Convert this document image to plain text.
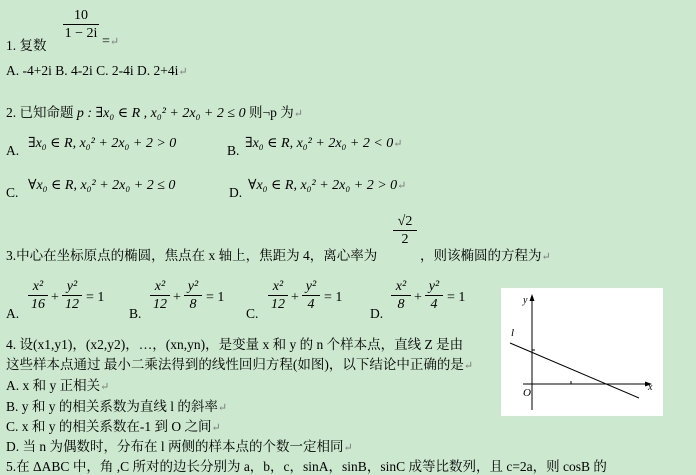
1. 复数
10
1 − 2i
=↵
A. -4+2i B. 4-2i C. 2-4i D. 2+4i↵
2. 已知命题 p : ∃x₀ ∈ R , x₀² + 2x₀ + 2 ≤ 0 则¬p 为↵
A. ∃x₀ ∈ R, x₀² + 2x₀ + 2 > 0	B. ∃x₀ ∈ R, x₀² + 2x₀ + 2 < 0↵
C. ∀x₀ ∈ R, x₀² + 2x₀ + 2 ≤ 0	D. ∀x₀ ∈ R, x₀² + 2x₀ + 2 > 0↵
3.中心在坐标原点的椭圆，焦点在 x 轴上，焦距为 4，离心率为
√2
2
，则该椭圆的方程为↵
A.
x²
16 +
y²
12 = 1
B.
x²
12 +
y²
8 = 1
C.
x²
12 +
y²
4 = 1
D.
x²
8 +
y²
4 = 1
4. 设(x1,y1)，(x2,y2)，…，(xn,yn)，是变量 x 和 y 的 n 个样本点，直线 Z 是由
这些样本点通过 最小二乘法得到的线性回归方程(如图)，以下结论中正确的是↵
A. x 和 y 正相关↵
B. y 和 y 的相关系数为直线 l 的斜率↵
C. x 和 y 的相关系数在-1 到 O 之间↵
D. 当 n 为偶数时，分布在 l 两侧的样本点的个数一定相同↵
5.在 ΔABC 中，角 ,C 所对的边长分别为 a，b，c，sinA，sinB，sinC 成等比数列，且 c=2a，则 cosB 的
y
x
l
O
